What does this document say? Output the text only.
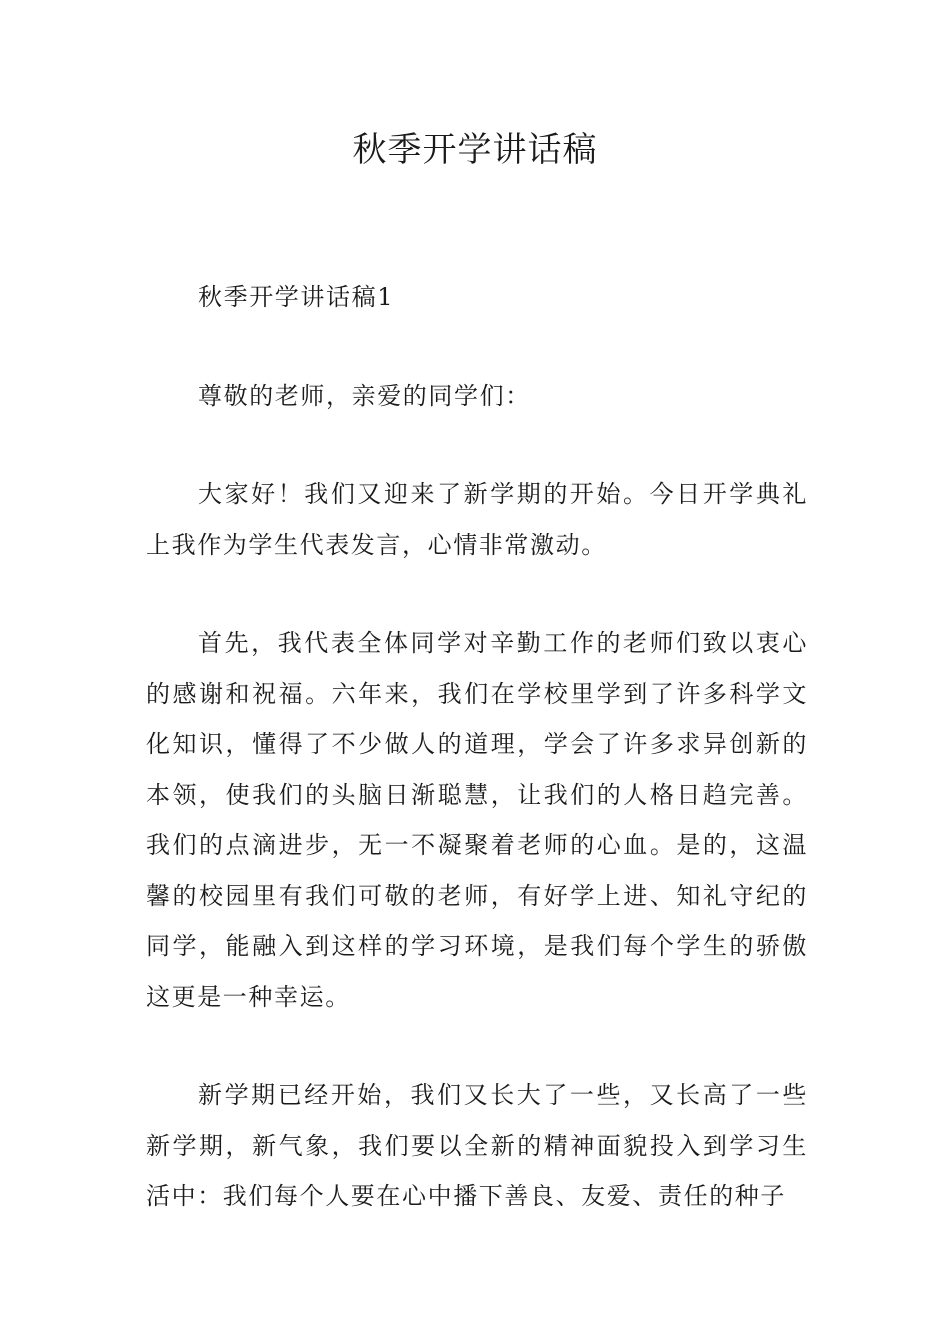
秋季开学讲话稿

秋季开学讲话稿1

尊敬的老师，亲爱的同学们：

大家好！我们又迎来了新学期的开始。今日开学典礼上我作为学生代表发言，心情非常激动。

首先，我代表全体同学对辛勤工作的老师们致以衷心的感谢和祝福。六年来，我们在学校里学到了许多科学文化知识，懂得了不少做人的道理，学会了许多求异创新的本领，使我们的头脑日渐聪慧，让我们的人格日趋完善。我们的点滴进步，无一不凝聚着老师的心血。是的，这温馨的校园里有我们可敬的老师，有好学上进、知礼守纪的同学，能融入到这样的学习环境，是我们每个学生的骄傲这更是一种幸运。

新学期已经开始，我们又长大了一些，又长高了一些新学期，新气象，我们要以全新的精神面貌投入到学习生活中：我们每个人要在心中播下善良、友爱、责任的种子
